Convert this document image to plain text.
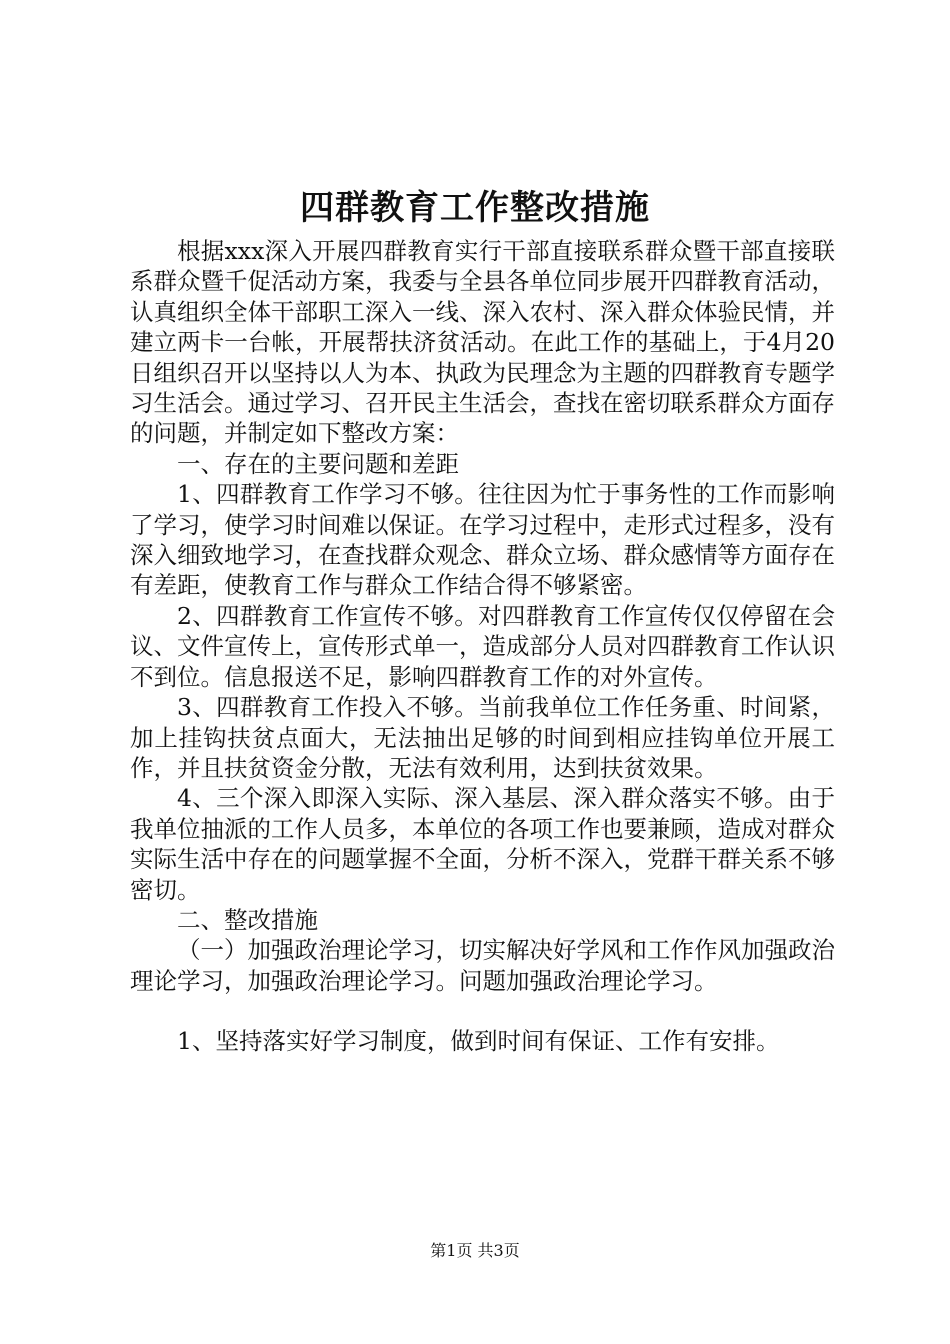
四群教育工作整改措施

根据xxx深入开展四群教育实行干部直接联系群众暨干部直接联系群众暨千促活动方案，我委与全县各单位同步展开四群教育活动，认真组织全体干部职工深入一线、深入农村、深入群众体验民情，并建立两卡一台帐，开展帮扶济贫活动。在此工作的基础上，于4月20日组织召开以坚持以人为本、执政为民理念为主题的四群教育专题学习生活会。通过学习、召开民主生活会，查找在密切联系群众方面存的问题，并制定如下整改方案：

一、存在的主要问题和差距

1、四群教育工作学习不够。往往因为忙于事务性的工作而影响了学习，使学习时间难以保证。在学习过程中，走形式过程多，没有深入细致地学习，在查找群众观念、群众立场、群众感情等方面存在有差距，使教育工作与群众工作结合得不够紧密。

2、四群教育工作宣传不够。对四群教育工作宣传仅仅停留在会议、文件宣传上，宣传形式单一，造成部分人员对四群教育工作认识不到位。信息报送不足，影响四群教育工作的对外宣传。

3、四群教育工作投入不够。当前我单位工作任务重、时间紧，加上挂钩扶贫点面大，无法抽出足够的时间到相应挂钩单位开展工作，并且扶贫资金分散，无法有效利用，达到扶贫效果。

4、三个深入即深入实际、深入基层、深入群众落实不够。由于我单位抽派的工作人员多，本单位的各项工作也要兼顾，造成对群众实际生活中存在的问题掌握不全面，分析不深入，党群干群关系不够密切。

二、整改措施

（一）加强政治理论学习，切实解决好学风和工作作风加强政治理论学习，加强政治理论学习。问题加强政治理论学习。

1、坚持落实好学习制度，做到时间有保证、工作有安排。

第1页 共3页
